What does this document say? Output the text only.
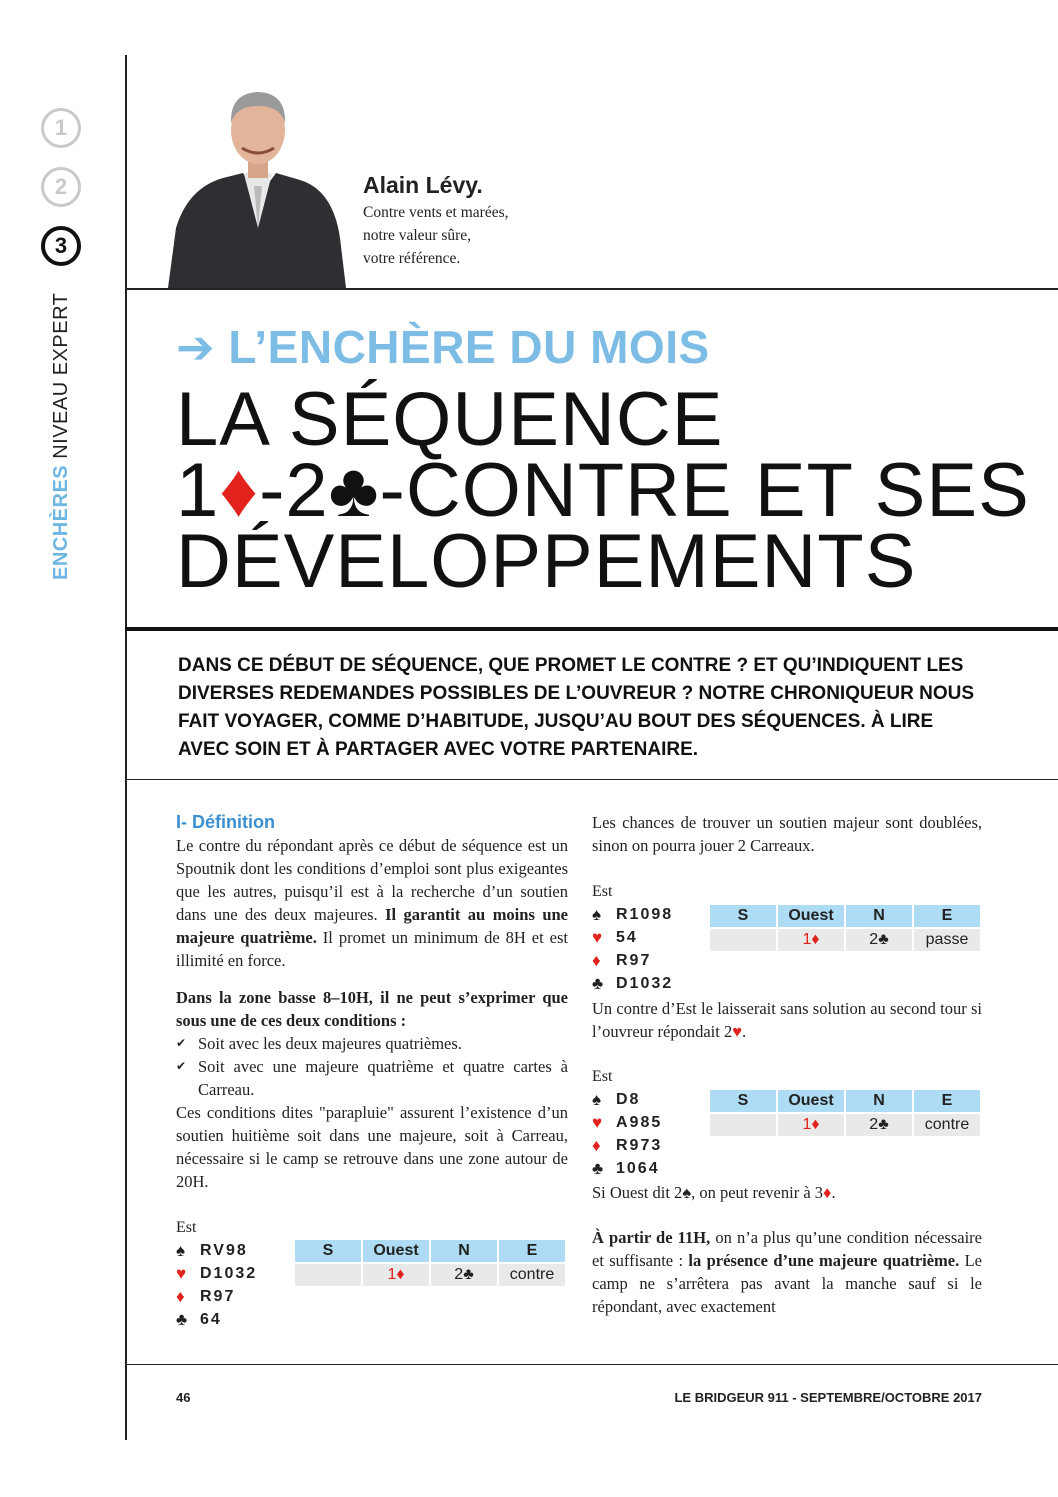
1
2
3
ENCHÈRES NIVEAU EXPERT
Alain Lévy.
Contre vents et marées,
notre valeur sûre,
votre référence.
➔ L’ENCHÈRE DU MOIS
LA SÉQUENCE
1♦-2♣-CONTRE ET SES
DÉVELOPPEMENTS
DANS CE DÉBUT DE SÉQUENCE, QUE PROMET LE CONTRE ? ET QU’INDIQUENT LES DIVERSES REDEMANDES POSSIBLES DE L’OUVREUR ? NOTRE CHRONIQUEUR NOUS FAIT VOYAGER, COMME D’HABITUDE, JUSQU’AU BOUT DES SÉQUENCES. À LIRE AVEC SOIN ET À PARTAGER AVEC VOTRE PARTENAIRE.
I- Définition

Le contre du répondant après ce début de séquence est un Spoutnik dont les conditions d’emploi sont plus exigeantes que les autres, puisqu’il est à la recherche d’un soutien dans une des deux majeures. Il garantit au moins une majeure quatrième. Il promet un minimum de 8H et est illimité en force.

Dans la zone basse 8–10H, il ne peut s’exprimer que sous une de ces deux conditions :

✔ Soit avec les deux majeures quatrièmes.
✔ Soit avec une majeure quatrième et quatre cartes à Carreau.

Ces conditions dites "parapluie" assurent l’existence d’un soutien huitième soit dans une majeure, soit à Carreau, nécessaire si le camp se retrouve dans une zone autour de 20H.

Est
♠ RV98
♥ D1032
♦ R97
♣ 64
S	Ouest	N	E
	1♦	2♣	contre

Les chances de trouver un soutien majeur sont doublées, sinon on pourra jouer 2 Carreaux.

Est
♠ R1098
♥ 54
♦ R97
♣ D1032
S	Ouest	N	E
	1♦	2♣	passe

Un contre d’Est le laisserait sans solution au second tour si l’ouvreur répondait 2♥.

Est
♠ D8
♥ A985
♦ R973
♣ 1064
S	Ouest	N	E
	1♦	2♣	contre

Si Ouest dit 2♠, on peut revenir à 3♦.

À partir de 11H, on n’a plus qu’une condition nécessaire et suffisante : la présence d’une majeure quatrième. Le camp ne s’arrêtera pas avant la manche sauf si le répondant, avec exactement

46	LE BRIDGEUR 911 - SEPTEMBRE/OCTOBRE 2017
